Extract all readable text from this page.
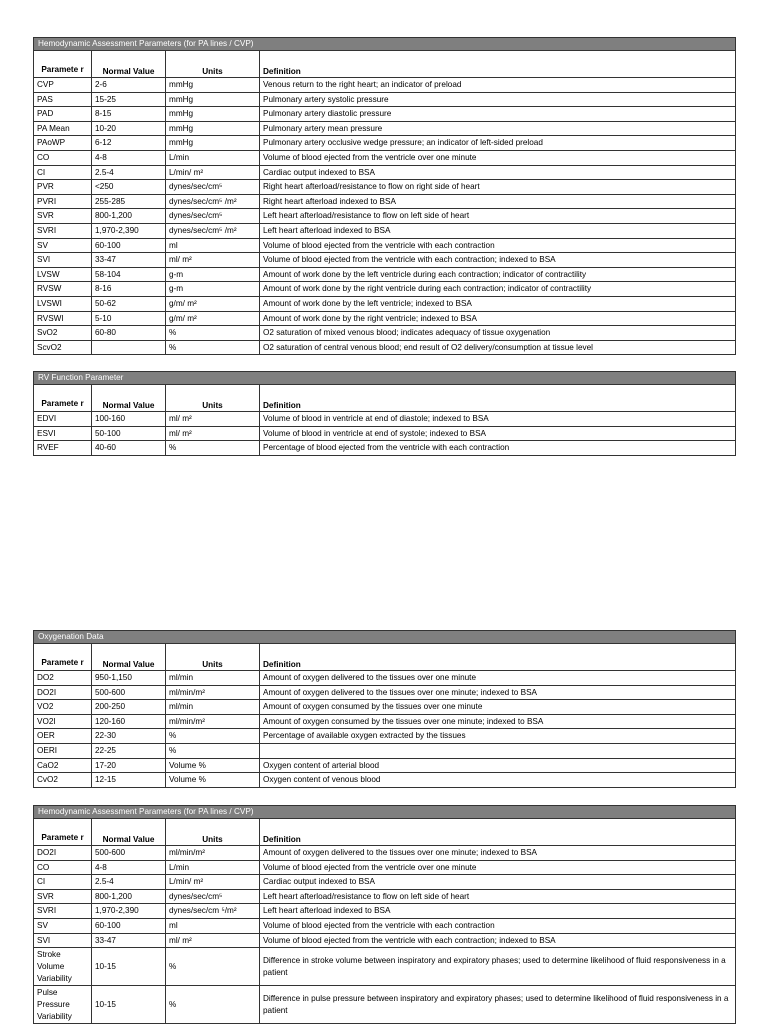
Hemodynamic Assessment Parameters (for PA lines / CVP)			
Paramete r	Normal Value	Units	Definition
CVP	2-6	mmHg	Venous return to the right heart; an indicator of preload
PAS	15-25	mmHg	Pulmonary artery systolic pressure
PAD	8-15	mmHg	Pulmonary artery diastolic pressure
PA Mean	10-20	mmHg	Pulmonary artery mean pressure
PAoWP	6-12	mmHg	Pulmonary artery occlusive wedge pressure; an indicator of left-sided preload
CO	4-8	L/min	Volume of blood ejected from the ventricle over one minute
CI	2.5-4	L/min/ m²	Cardiac output indexed to BSA
PVR	<250	dynes/sec/cm⁵	Right heart afterload/resistance to flow on right side of heart
PVRI	255-285	dynes/sec/cm⁵ /m²	Right heart afterload indexed to BSA
SVR	800-1,200	dynes/sec/cm⁵	Left heart afterload/resistance to flow on left side of heart
SVRI	1,970-2,390	dynes/sec/cm⁵ /m²	Left heart afterload indexed to BSA
SV	60-100	ml	Volume of blood ejected from the ventricle with each contraction
SVI	33-47	ml/ m²	Volume of blood ejected from the ventricle with each contraction; indexed to BSA
LVSW	58-104	g-m	Amount of work done by the left ventricle during each contraction; indicator of contractility
RVSW	8-16	g-m	Amount of work done by the right ventricle during each contraction; indicator of contractility
LVSWI	50-62	g/m/ m²	Amount of work done by the left ventricle; indexed to BSA
RVSWI	5-10	g/m/ m²	Amount of work done by the right ventricle; indexed to BSA
SvO2	60-80	%	O2 saturation of mixed venous blood; indicates adequacy of tissue oxygenation
ScvO2		%	O2 saturation of central venous blood; end result of O2 delivery/consumption at tissue level
RV Function Parameter			
Paramete r	Normal Value	Units	Definition
EDVI	100-160	ml/ m²	Volume of blood in ventricle at end of diastole; indexed to BSA
ESVI	50-100	ml/ m²	Volume of blood in ventricle at end of systole; indexed to BSA
RVEF	40-60	%	Percentage of blood ejected from the ventricle with each contraction
Oxygenation Data			
Paramete r	Normal Value	Units	Definition
DO2	950-1,150	ml/min	Amount of oxygen delivered to the tissues over one minute
DO2I	500-600	ml/min/m²	Amount of oxygen delivered to the tissues over one minute; indexed to BSA
VO2	200-250	ml/min	Amount of oxygen consumed by the tissues over one minute
VO2I	120-160	ml/min/m²	Amount of oxygen consumed by the tissues over one minute; indexed to BSA
OER	22-30	%	Percentage of available oxygen extracted by the tissues
OERI	22-25	%	
CaO2	17-20	Volume %	Oxygen content of arterial blood
CvO2	12-15	Volume %	Oxygen content of venous blood
Hemodynamic Assessment Parameters (for PA lines / CVP)			
Paramete r	Normal Value	Units	Definition
DO2I	500-600	ml/min/m²	Amount of oxygen delivered to the tissues over one minute; indexed to BSA
CO	4-8	L/min	Volume of blood ejected from the ventricle over one minute
CI	2.5-4	L/min/ m²	Cardiac output indexed to BSA
SVR	800-1,200	dynes/sec/cm⁵	Left heart afterload/resistance to flow on left side of heart
SVRI	1,970-2,390	dynes/sec/cm ⁵/m²	Left heart afterload indexed to BSA
SV	60-100	ml	Volume of blood ejected from the ventricle with each contraction
SVI	33-47	ml/ m²	Volume of blood ejected from the ventricle with each contraction; indexed to BSA
Stroke Volume Variability	10-15	%	Difference in stroke volume between inspiratory and expiratory phases; used to determine likelihood of fluid responsiveness in a patient
Pulse Pressure Variability	10-15	%	Difference in pulse pressure between inspiratory and expiratory phases; used to determine likelihood of fluid responsiveness in a patient
